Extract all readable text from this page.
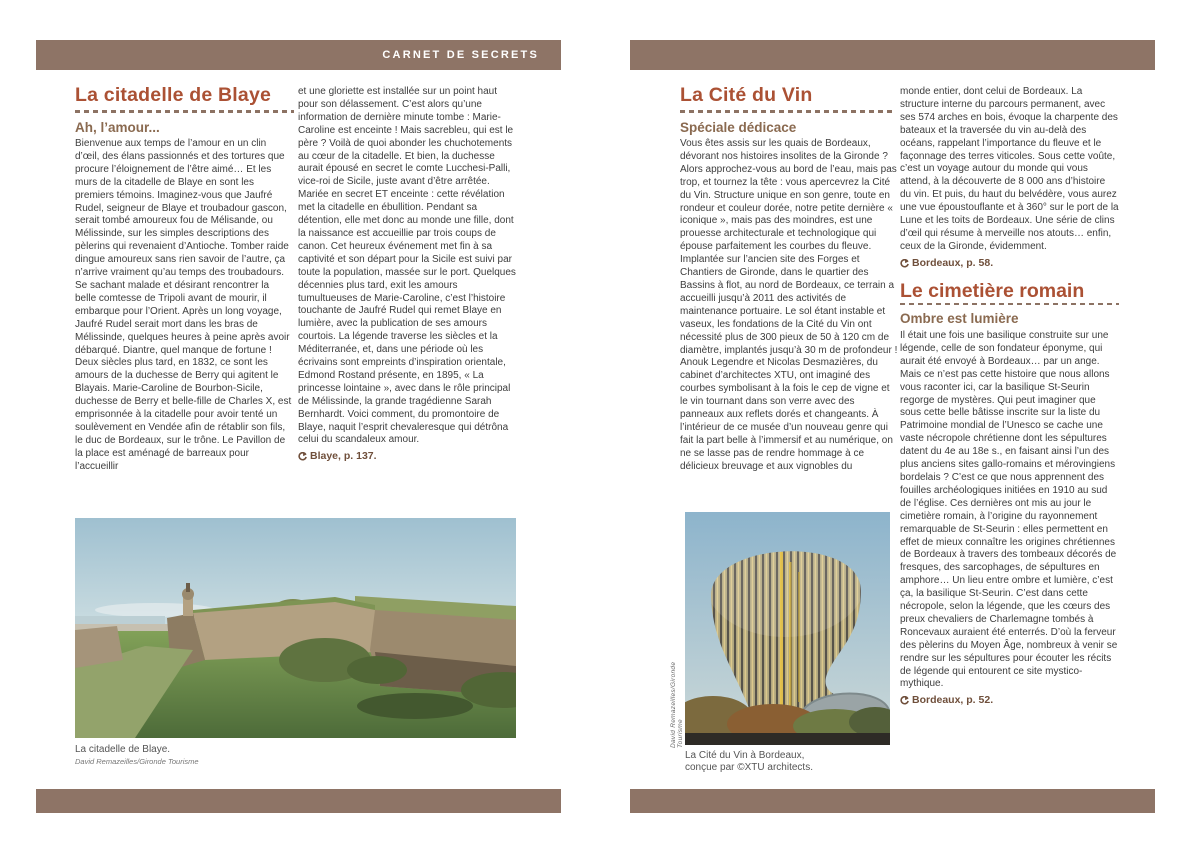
CARNET DE SECRETS
La citadelle de Blaye
Ah, l’amour...

Bienvenue aux temps de l’amour en un clin d’œil, des élans passionnés et des tortures que procure l’éloignement de l’être aimé… Et les murs de la citadelle de Blaye en sont les premiers témoins. Imaginez-vous que Jaufré Rudel, seigneur de Blaye et troubadour gascon, serait tombé amoureux fou de Mélisande, ou Mélissinde, sur les simples descriptions des pèlerins qui revenaient d’Antioche. Tomber raide dingue amoureux sans rien savoir de l’autre, ça n’arrive vraiment qu’au temps des troubadours. Se sachant malade et désirant rencontrer la belle comtesse de Tripoli avant de mourir, il embarque pour l’Orient. Après un long voyage, Jaufré Rudel serait mort dans les bras de Mélissinde, quelques heures à peine après avoir débarqué. Diantre, quel manque de fortune ! Deux siècles plus tard, en 1832, ce sont les amours de la duchesse de Berry qui agitent le Blayais. Marie-Caroline de Bourbon-Sicile, duchesse de Berry et belle-fille de Charles X, est emprisonnée à la citadelle pour avoir tenté un soulèvement en Vendée afin de rétablir son fils, le duc de Bordeaux, sur le trône. Le Pavillon de la place est aménagé de barreaux pour l’accueillir

et une gloriette est installée sur un point haut pour son délassement. C’est alors qu’une information de dernière minute tombe : Marie-Caroline est enceinte ! Mais sacrebleu, qui est le père ? Voilà de quoi abonder les chuchotements au cœur de la citadelle. Et bien, la duchesse aurait épousé en secret le comte Lucchesi-Palli, vice-roi de Sicile, juste avant d’être arrêtée. Mariée en secret ET enceinte : cette révélation met la citadelle en ébullition. Pendant sa détention, elle met donc au monde une fille, dont la naissance est accueillie par trois coups de canon. Cet heureux événement met fin à sa captivité et son départ pour la Sicile est suivi par toute la population, massée sur le port. Quelques décennies plus tard, exit les amours tumultueuses de Marie-Caroline, c’est l’histoire touchante de Jaufré Rudel qui remet Blaye en lumière, avec la publication de ses amours courtois. La légende traverse les siècles et la Méditerranée, et, dans une période où les écrivains sont empreints d’inspiration orientale, Edmond Rostand présente, en 1895, « La princesse lointaine », avec dans le rôle principal de Mélissinde, la grande tragédienne Sarah Bernhardt. Voici comment, du promontoire de Blaye, naquit l’esprit chevaleresque qui détrôna celui du scandaleux amour.

Blaye, p. 137.
La citadelle de Blaye.
David Remazeilles/Gironde Tourisme
La Cité du Vin
Spéciale dédicace

Vous êtes assis sur les quais de Bordeaux, dévorant nos histoires insolites de la Gironde ? Alors approchez-vous au bord de l’eau, mais pas trop, et tournez la tête : vous apercevrez la Cité du Vin. Structure unique en son genre, toute en rondeur et couleur dorée, notre petite dernière « iconique », mais pas des moindres, est une prouesse architecturale et technologique qui épouse parfaitement les courbes du fleuve. Implantée sur l’ancien site des Forges et Chantiers de Gironde, dans le quartier des Bassins à flot, au nord de Bordeaux, ce terrain a accueilli jusqu’à 2011 des activités de maintenance portuaire. Le sol étant instable et vaseux, les fondations de la Cité du Vin ont nécessité plus de 300 pieux de 50 à 120 cm de diamètre, implantés jusqu’à 30 m de profondeur ! Anouk Legendre et Nicolas Desmazières, du cabinet d’architectes XTU, ont imaginé des courbes symbolisant à la fois le cep de vigne et le vin tournant dans son verre avec des panneaux aux reflets dorés et changeants. À l’intérieur de ce musée d’un nouveau genre qui fait la part belle à l’immersif et au numérique, on ne se lasse pas de rendre hommage à ce délicieux breuvage et aux vignobles du

monde entier, dont celui de Bordeaux. La structure interne du parcours permanent, avec ses 574 arches en bois, évoque la charpente des bateaux et la traversée du vin au-delà des océans, rappelant l’importance du fleuve et le façonnage des terres viticoles. Sous cette voûte, c’est un voyage autour du monde qui vous attend, à la découverte de 8 000 ans d’histoire du vin. Et puis, du haut du belvédère, vous aurez une vue époustouflante et à 360° sur le port de la Lune et les toits de Bordeaux. Une série de clins d’œil qui résume à merveille nos atouts… enfin, ceux de la Gironde, évidemment.

Bordeaux, p. 58.
Le cimetière romain
Ombre est lumière

Il était une fois une basilique construite sur une légende, celle de son fondateur éponyme, qui aurait été envoyé à Bordeaux… par un ange. Mais ce n’est pas cette histoire que nous allons vous raconter ici, car la basilique St-Seurin regorge de mystères. Qui peut imaginer que sous cette belle bâtisse inscrite sur la liste du Patrimoine mondial de l’Unesco se cache une vaste nécropole chrétienne dont les sépultures datent du 4e au 18e s., en faisant ainsi l’un des plus anciens sites gallo-romains et mérovingiens bordelais ? C’est ce que nous apprennent des fouilles archéologiques initiées en 1910 au sud de l’église. Ces dernières ont mis au jour le cimetière romain, à l’origine du rayonnement remarquable de St-Seurin : elles permettent en effet de mieux connaître les origines chrétiennes de Bordeaux à travers des tombeaux décorés de fresques, des sarcophages, de sépultures en amphore… Un lieu entre ombre et lumière, c’est ça, la basilique St-Seurin. C’est dans cette nécropole, selon la légende, que les cœurs des preux chevaliers de Charlemagne tombés à Roncevaux auraient été enterrés. D’où la ferveur des pèlerins du Moyen Âge, nombreux à venir se rendre sur les sépultures pour écouter les récits de légende qui entourent ce site mystico-mythique.

Bordeaux, p. 52.
David Remazeilles/Gironde Tourisme
La Cité du Vin à Bordeaux,
conçue par ©XTU architects.
